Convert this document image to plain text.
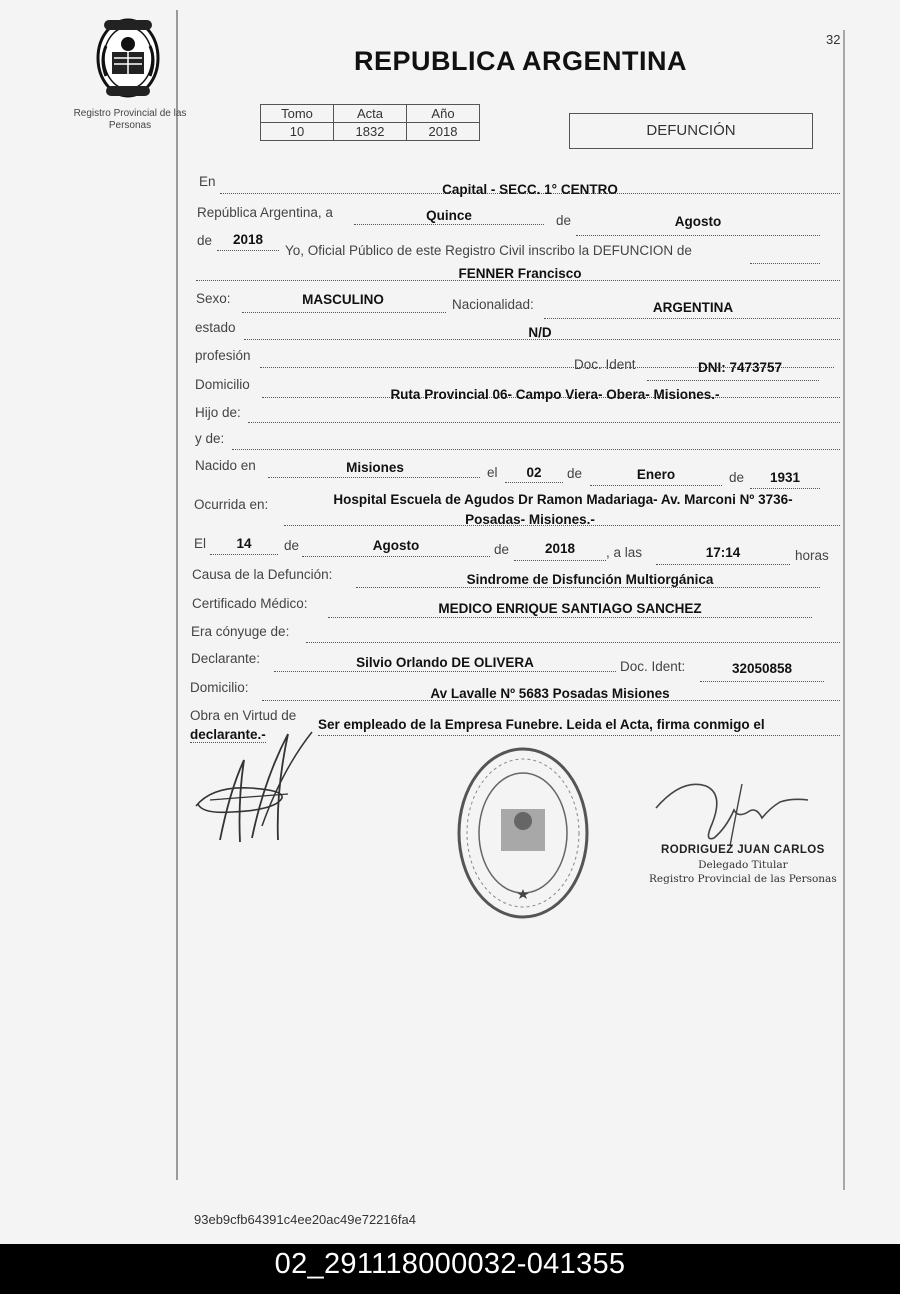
Registro Provincial de las Personas
32
REPUBLICA ARGENTINA
Tomo	Acta	Año
10	1832	2018	DEFUNCIÓN
En
Capital - SECC. 1° CENTRO
República Argentina, a	Quince	de	Agosto
de	2018
Yo, Oficial Público de este Registro Civil inscribo la DEFUNCION de
FENNER Francisco
Sexo:	MASCULINO	Nacionalidad:	ARGENTINA
estado	N/D
profesión
Doc. Ident	DNI: 7473757
Domicilio
Ruta Provincial 06- Campo Viera- Obera- Misiones.-
Hijo de:
y de:
Nacido en	Misiones	el	02	de	Enero	de	1931
Ocurrida en:	Hospital Escuela de Agudos Dr Ramon Madariaga- Av. Marconi Nº 3736-
Posadas- Misiones.-
El	14	de	Agosto	de	2018	, a las	17:14	horas
Causa de la Defunción:	Sindrome de Disfunción Multiorgánica
Certificado Médico:	MEDICO ENRIQUE SANTIAGO SANCHEZ
Era cónyuge de:
Declarante:	Silvio Orlando DE OLIVERA	Doc. Ident:	32050858
Domicilio:	Av Lavalle Nº 5683 Posadas Misiones
Obra en Virtud de
Ser empleado de la Empresa Funebre. Leida el Acta, firma conmigo el
declarante.-
RODRIGUEZ JUAN CARLOS
Delegado Titular
Registro Provincial de las Personas
93eb9cfb64391c4ee20ac49e72216fa4
02_291118000032-041355
